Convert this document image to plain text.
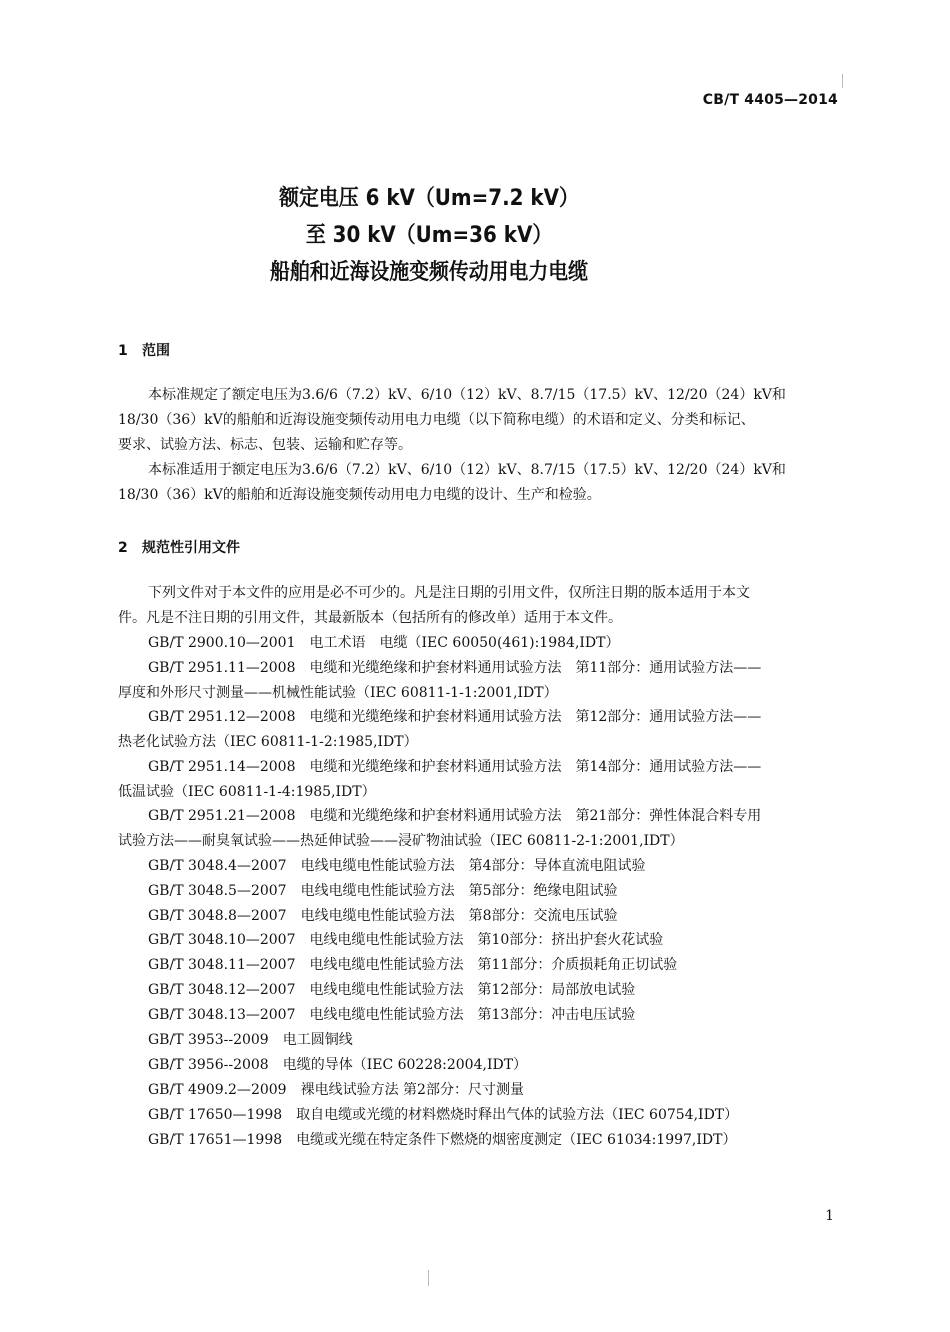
CB/T 4405—2014
额定电压 6 kV（Um=7.2 kV）
至 30 kV（Um=36 kV）
船舶和近海设施变频传动用电力电缆
1 范围
本标准规定了额定电压为3.6/6（7.2）kV、6/10（12）kV、8.7/15（17.5）kV、12/20（24）kV和
18/30（36）kV的船舶和近海设施变频传动用电力电缆（以下简称电缆）的术语和定义、分类和标记、
要求、试验方法、标志、包装、运输和贮存等。
本标准适用于额定电压为3.6/6（7.2）kV、6/10（12）kV、8.7/15（17.5）kV、12/20（24）kV和
18/30（36）kV的船舶和近海设施变频传动用电力电缆的设计、生产和检验。
2 规范性引用文件
下列文件对于本文件的应用是必不可少的。凡是注日期的引用文件，仅所注日期的版本适用于本文
件。凡是不注日期的引用文件，其最新版本（包括所有的修改单）适用于本文件。
GB/T 2900.10—2001　电工术语　电缆（IEC 60050(461):1984,IDT）
GB/T 2951.11—2008　电缆和光缆绝缘和护套材料通用试验方法　第11部分：通用试验方法——
厚度和外形尺寸测量——机械性能试验（IEC 60811-1-1:2001,IDT）
GB/T 2951.12—2008　电缆和光缆绝缘和护套材料通用试验方法　第12部分：通用试验方法——
热老化试验方法（IEC 60811-1-2:1985,IDT）
GB/T 2951.14—2008　电缆和光缆绝缘和护套材料通用试验方法　第14部分：通用试验方法——
低温试验（IEC 60811-1-4:1985,IDT）
GB/T 2951.21—2008　电缆和光缆绝缘和护套材料通用试验方法　第21部分：弹性体混合料专用
试验方法——耐臭氧试验——热延伸试验——浸矿物油试验（IEC 60811-2-1:2001,IDT）
GB/T 3048.4—2007　电线电缆电性能试验方法　第4部分：导体直流电阻试验
GB/T 3048.5—2007　电线电缆电性能试验方法　第5部分：绝缘电阻试验
GB/T 3048.8—2007　电线电缆电性能试验方法　第8部分：交流电压试验
GB/T 3048.10—2007　电线电缆电性能试验方法　第10部分：挤出护套火花试验
GB/T 3048.11—2007　电线电缆电性能试验方法　第11部分：介质损耗角正切试验
GB/T 3048.12—2007　电线电缆电性能试验方法　第12部分：局部放电试验
GB/T 3048.13—2007　电线电缆电性能试验方法　第13部分：冲击电压试验
GB/T 3953--2009　电工圆铜线
GB/T 3956--2008　电缆的导体（IEC 60228:2004,IDT）
GB/T 4909.2—2009　裸电线试验方法 第2部分：尺寸测量
GB/T 17650—1998　取自电缆或光缆的材料燃烧时释出气体的试验方法（IEC 60754,IDT）
GB/T 17651—1998　电缆或光缆在特定条件下燃烧的烟密度测定（IEC 61034:1997,IDT）
1
